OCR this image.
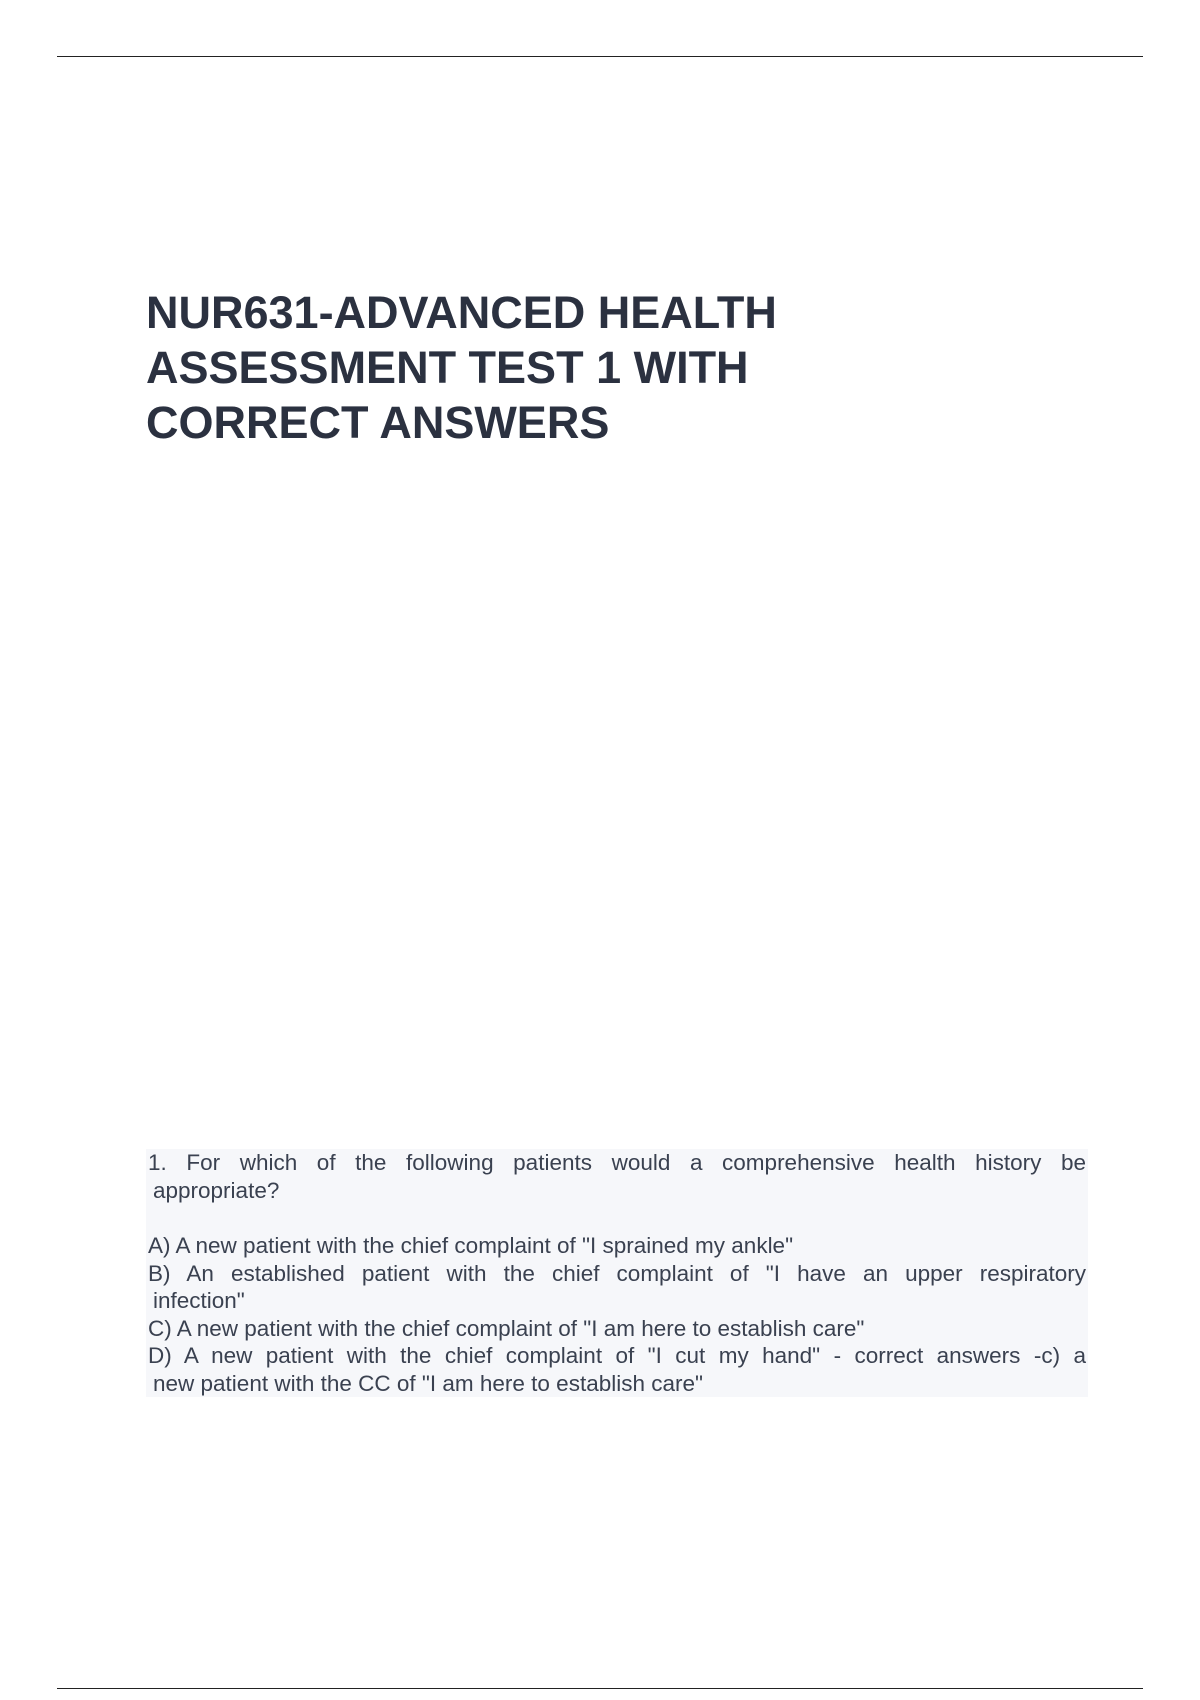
NUR631-ADVANCED HEALTH
ASSESSMENT TEST 1 WITH
CORRECT ANSWERS
1. For which of the following patients would a comprehensive health history be
appropriate?
A) A new patient with the chief complaint of "I sprained my ankle"
B) An established patient with the chief complaint of "I have an upper respiratory
infection"
C) A new patient with the chief complaint of "I am here to establish care"
D) A new patient with the chief complaint of "I cut my hand" - correct answers -c) a
new patient with the CC of "I am here to establish care"
